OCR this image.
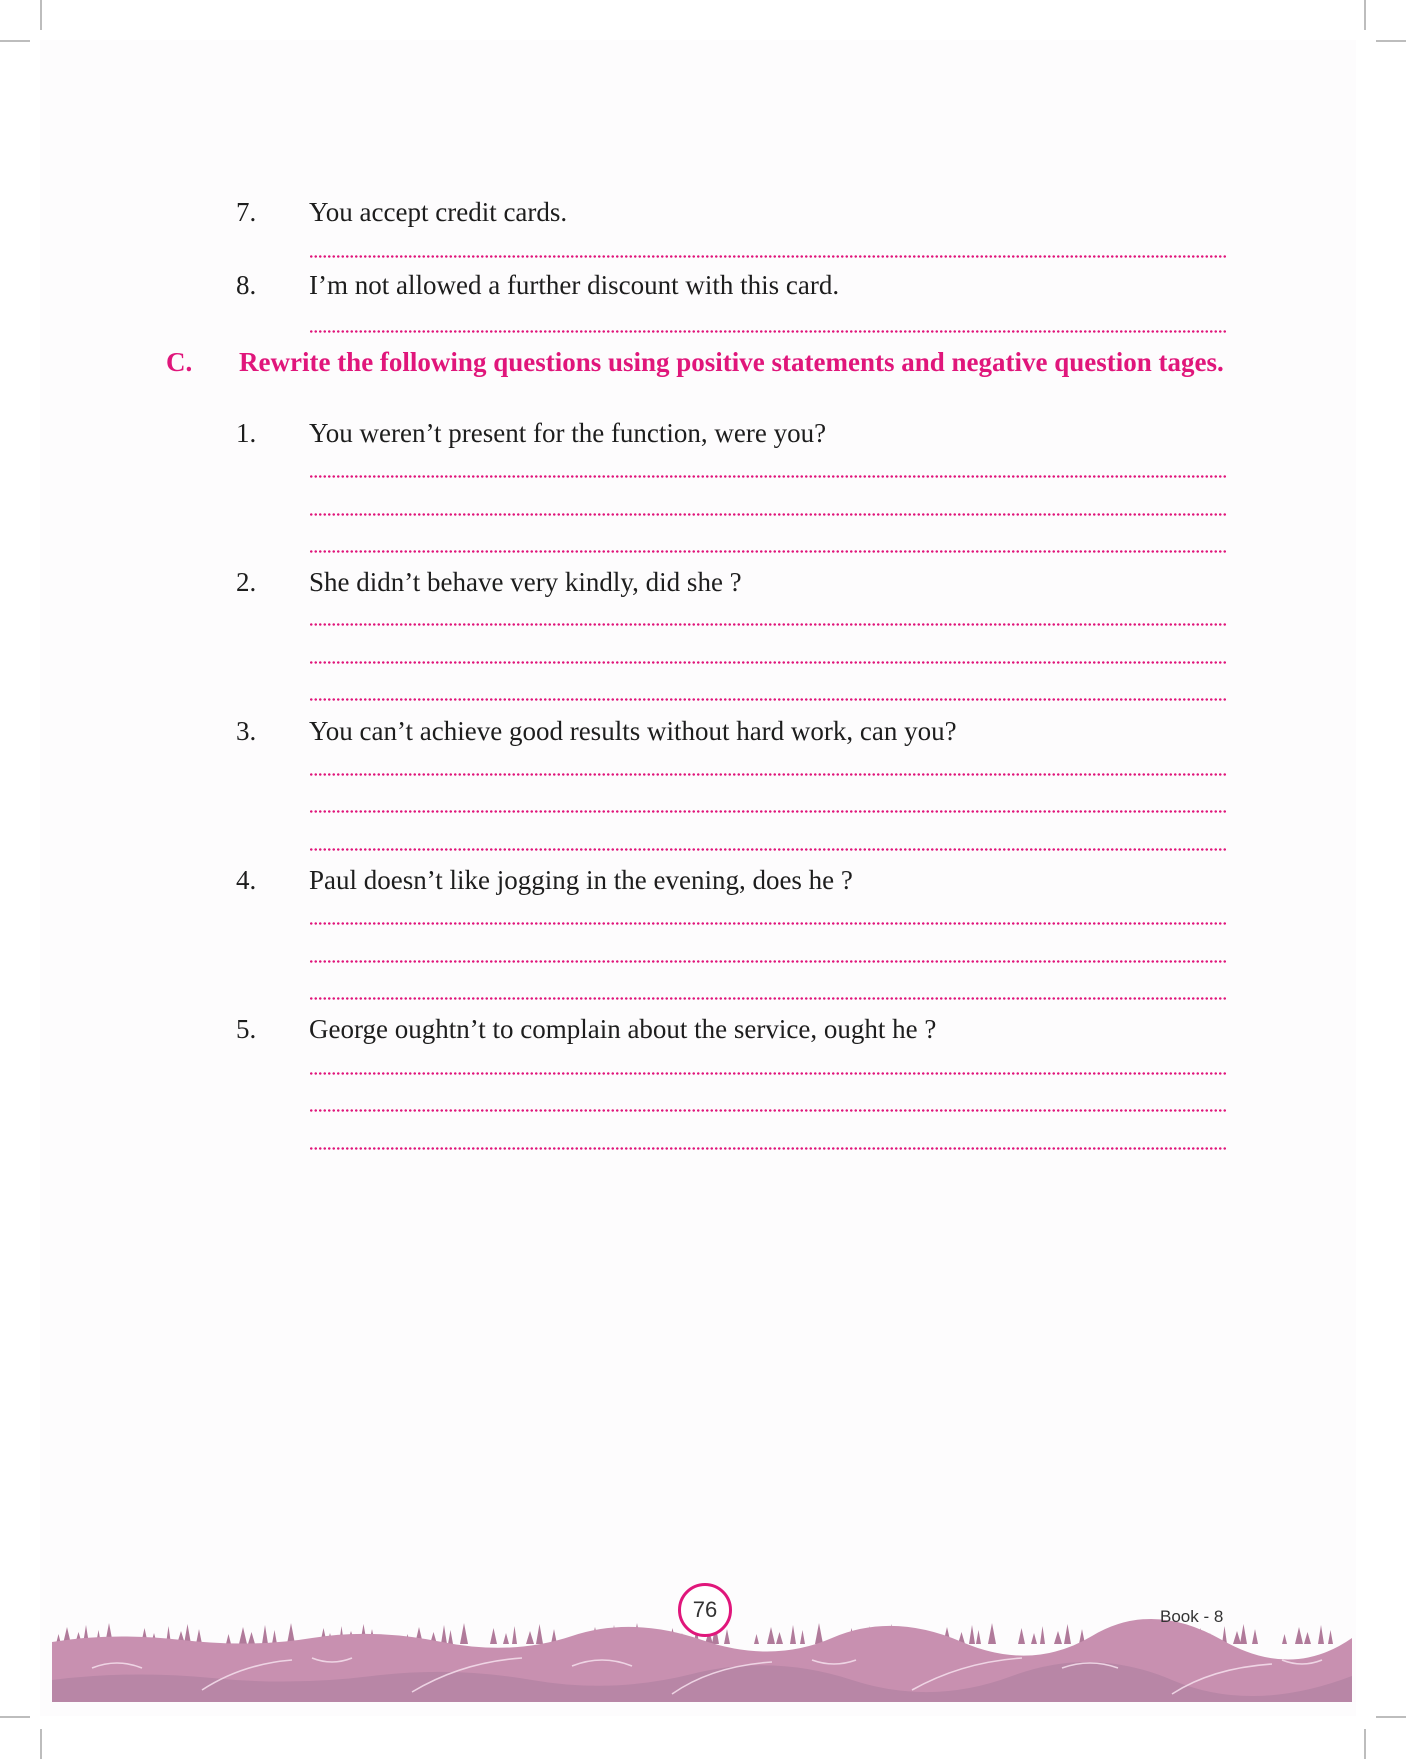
7. You accept credit cards.
8. I’m not allowed a further discount with this card.
C. Rewrite the following questions using positive statements and negative question tages.
1. You weren’t present for the function, were you?
2. She didn’t behave very kindly, did she ?
3. You can’t achieve good results without hard work, can you?
4. Paul doesn’t like jogging in the evening, does he ?
5. George oughtn’t to complain about the service, ought he ?
76	Book - 8
